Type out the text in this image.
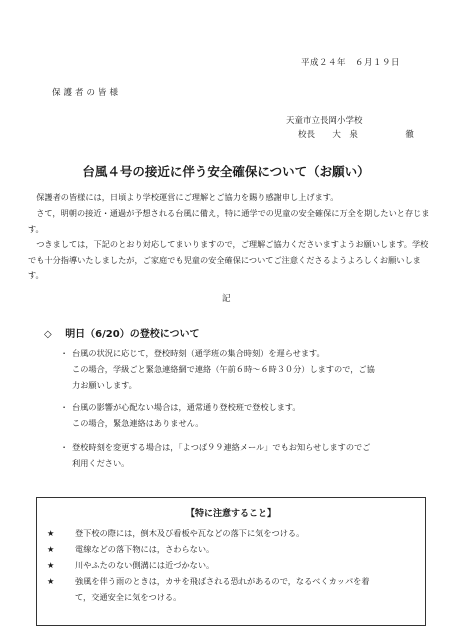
平成２４年　６月１９日
保護者の皆様
天童市立長岡小学校
校長 大　泉	徹
台風４号の接近に伴う安全確保について（お願い）

保護者の皆様には，日頃より学校運営にご理解とご協力を賜り感謝申し上げます。

さて，明朝の接近・通過が予想される台風に備え，特に通学での児童の安全確保に万全を期したいと存じます。

つきましては，下記のとおり対応してまいりますので，ご理解ご協力くださいますようお願いします。学校でも十分指導いたしましたが，ご家庭でも児童の安全確保についてご注意くださるようよろしくお願いします。

記
◇ 明日（6/20）の登校について
・ 台風の状況に応じて，登校時刻（通学班の集合時刻）を遅らせます。
この場合，学級ごと緊急連絡網で連絡（午前６時～６時３０分）しますので，ご協
力お願いします。
・ 台風の影響が心配ない場合は，通常通り登校班で登校します。
この場合，緊急連絡はありません。
・ 登校時刻を変更する場合は，「よつば９９連絡メール」でもお知らせしますのでご
利用ください。
【特に注意すること】
★	登下校の際には，倒木及び看板や瓦などの落下に気をつける。
★	電線などの落下物には，さわらない。
★	川やふたのない側溝には近づかない。
★	強風を伴う雨のときは，カサを飛ばされる恐れがあるので，なるべくカッパを着
て，交通安全に気をつける。
